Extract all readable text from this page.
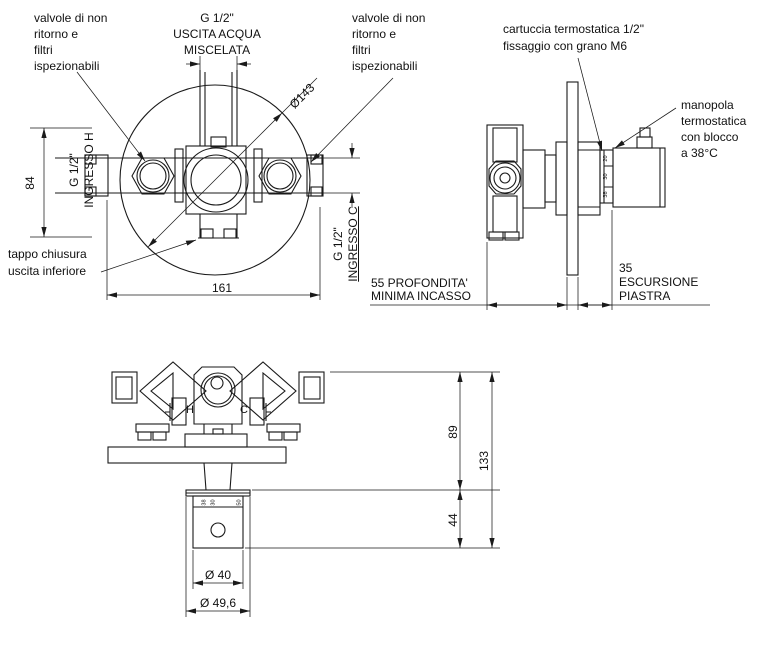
valvole di non
ritorno e
filtri
ispezionabili
G 1/2"
USCITA ACQUA
MISCELATA
valvole di non
ritorno e
filtri
ispezionabili
cartuccia termostatica 1/2"
fissaggio con grano M6
manopola
termostatica
con blocco
a 38°C
Ø143
84	G 1/2" INGRESSO H
G 1/2" INGRESSO C
tappo chiusura
uscita inferiore
161	55 PROFONDITA'
MINIMA INCASSO
35
ESCURSIONE
PIASTRA
89
44
133
Ø 40
Ø 49,6
H	C
20
30
38
38 30	50
